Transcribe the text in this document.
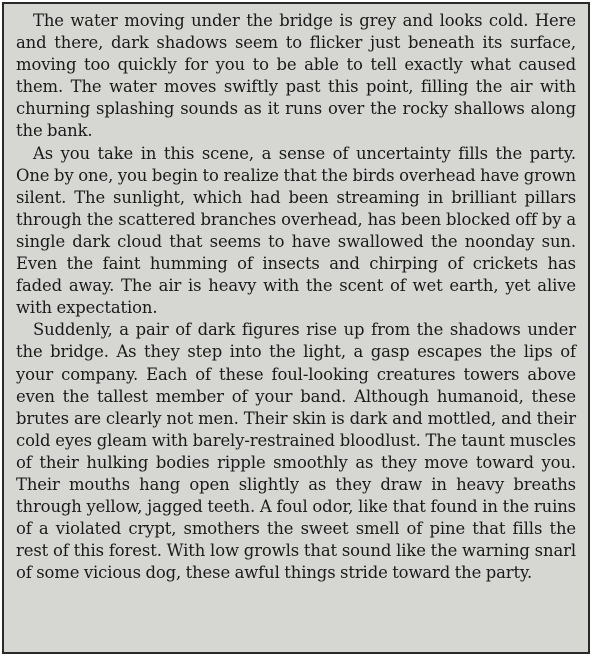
The water moving under the bridge is grey and looks cold. Here and there, dark shadows seem to flicker just beneath its surface, moving too quickly for you to be able to tell exactly what caused them. The water moves swiftly past this point, filling the air with churning splashing sounds as it runs over the rocky shallows along the bank.

As you take in this scene, a sense of uncertainty fills the party. One by one, you begin to realize that the birds overhead have grown silent. The sunlight, which had been streaming in brilliant pillars through the scattered branches overhead, has been blocked off by a single dark cloud that seems to have swallowed the noonday sun. Even the faint humming of insects and chirping of crickets has faded away. The air is heavy with the scent of wet earth, yet alive with expectation.

Suddenly, a pair of dark figures rise up from the shadows under the bridge. As they step into the light, a gasp escapes the lips of your company. Each of these foul-looking creatures towers above even the tallest member of your band. Although humanoid, these brutes are clearly not men. Their skin is dark and mottled, and their cold eyes gleam with barely-restrained bloodlust. The taunt muscles of their hulking bodies ripple smoothly as they move toward you. Their mouths hang open slightly as they draw in heavy breaths through yellow, jagged teeth. A foul odor, like that found in the ruins of a violated crypt, smothers the sweet smell of pine that fills the rest of this forest. With low growls that sound like the warning snarl of some vicious dog, these awful things stride toward the party.
